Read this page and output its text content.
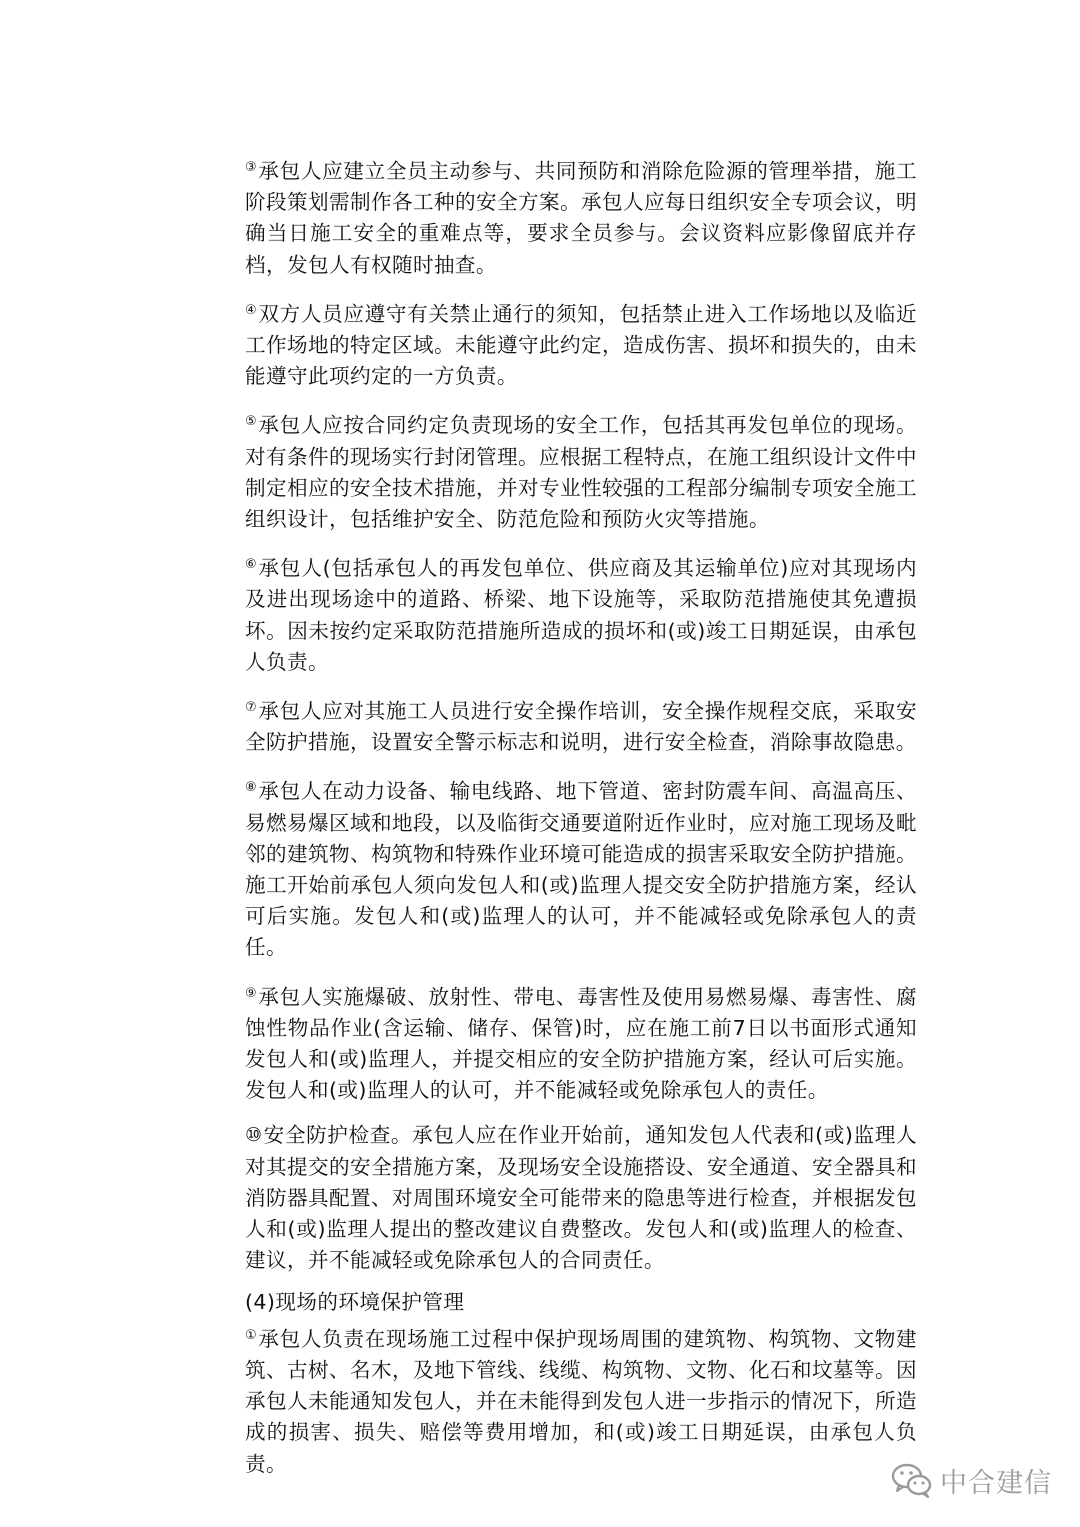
③承包人应建立全员主动参与、共同预防和消除危险源的管理举措，施工阶段策划需制作各工种的安全方案。承包人应每日组织安全专项会议，明确当日施工安全的重难点等，要求全员参与。会议资料应影像留底并存档，发包人有权随时抽查。

④双方人员应遵守有关禁止通行的须知，包括禁止进入工作场地以及临近工作场地的特定区域。未能遵守此约定，造成伤害、损坏和损失的，由未能遵守此项约定的一方负责。

⑤承包人应按合同约定负责现场的安全工作，包括其再发包单位的现场。对有条件的现场实行封闭管理。应根据工程特点，在施工组织设计文件中制定相应的安全技术措施，并对专业性较强的工程部分编制专项安全施工组织设计，包括维护安全、防范危险和预防火灾等措施。

⑥承包人(包括承包人的再发包单位、供应商及其运输单位)应对其现场内及进出现场途中的道路、桥梁、地下设施等，采取防范措施使其免遭损坏。因未按约定采取防范措施所造成的损坏和(或)竣工日期延误，由承包人负责。

⑦承包人应对其施工人员进行安全操作培训，安全操作规程交底，采取安全防护措施，设置安全警示标志和说明，进行安全检查，消除事故隐患。

⑧承包人在动力设备、输电线路、地下管道、密封防震车间、高温高压、易燃易爆区域和地段，以及临街交通要道附近作业时，应对施工现场及毗邻的建筑物、构筑物和特殊作业环境可能造成的损害采取安全防护措施。施工开始前承包人须向发包人和(或)监理人提交安全防护措施方案，经认可后实施。发包人和(或)监理人的认可，并不能减轻或免除承包人的责任。

⑨承包人实施爆破、放射性、带电、毒害性及使用易燃易爆、毒害性、腐蚀性物品作业(含运输、储存、保管)时，应在施工前7日以书面形式通知发包人和(或)监理人，并提交相应的安全防护措施方案，经认可后实施。发包人和(或)监理人的认可，并不能减轻或免除承包人的责任。

⑩安全防护检查。承包人应在作业开始前，通知发包人代表和(或)监理人对其提交的安全措施方案，及现场安全设施搭设、安全通道、安全器具和消防器具配置、对周围环境安全可能带来的隐患等进行检查，并根据发包人和(或)监理人提出的整改建议自费整改。发包人和(或)监理人的检查、建议，并不能减轻或免除承包人的合同责任。

(4)现场的环境保护管理

①承包人负责在现场施工过程中保护现场周围的建筑物、构筑物、文物建筑、古树、名木，及地下管线、线缆、构筑物、文物、化石和坟墓等。因承包人未能通知发包人，并在未能得到发包人进一步指示的情况下，所造成的损害、损失、赔偿等费用增加，和(或)竣工日期延误，由承包人负责。

中合建信
